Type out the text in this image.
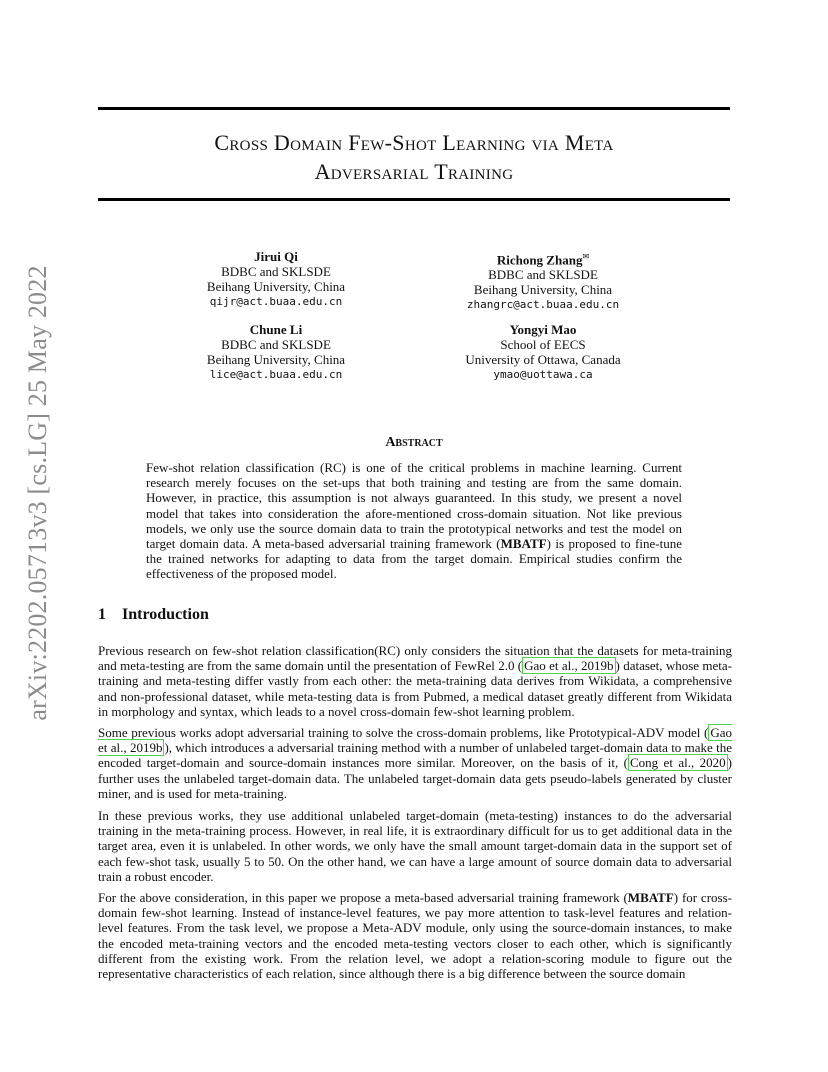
arXiv:2202.05713v3 [cs.LG] 25 May 2022
Cross Domain Few-Shot Learning via Meta
Adversarial Training
Jirui Qi
BDBC and SKLSDE
Beihang University, China
qijr@act.buaa.edu.cn
Richong Zhang✉
BDBC and SKLSDE
Beihang University, China
zhangrc@act.buaa.edu.cn
Chune Li
BDBC and SKLSDE
Beihang University, China
lice@act.buaa.edu.cn
Yongyi Mao
School of EECS
University of Ottawa, Canada
ymao@uottawa.ca
Abstract
Few-shot relation classification (RC) is one of the critical problems in machine learning. Current research merely focuses on the set-ups that both training and testing are from the same domain. However, in practice, this assumption is not always guaranteed. In this study, we present a novel model that takes into consideration the afore-mentioned cross-domain situation. Not like previous models, we only use the source domain data to train the prototypical networks and test the model on target domain data. A meta-based adversarial training framework (MBATF) is proposed to fine-tune the trained networks for adapting to data from the target domain. Empirical studies confirm the effectiveness of the proposed model.
1 Introduction

Previous research on few-shot relation classification(RC) only considers the situation that the datasets for meta-training and meta-testing are from the same domain until the presentation of FewRel 2.0 ( Gao et al., 2019b ) dataset, whose meta-training and meta-testing differ vastly from each other: the meta-training data derives from Wikidata, a comprehensive and non-professional dataset, while meta-testing data is from Pubmed, a medical dataset greatly different from Wikidata in morphology and syntax, which leads to a novel cross-domain few-shot learning problem.

Some previous works adopt adversarial training to solve the cross-domain problems, like Prototypical-ADV model ( Gao et al., 2019b ), which introduces a adversarial training method with a number of unlabeled target-domain data to make the encoded target-domain and source-domain instances more similar. Moreover, on the basis of it, ( Cong et al., 2020 ) further uses the unlabeled target-domain data. The unlabeled target-domain data gets pseudo-labels generated by cluster miner, and is used for meta-training.

In these previous works, they use additional unlabeled target-domain (meta-testing) instances to do the adversarial training in the meta-training process. However, in real life, it is extraordinary difficult for us to get additional data in the target area, even it is unlabeled. In other words, we only have the small amount target-domain data in the support set of each few-shot task, usually 5 to 50. On the other hand, we can have a large amount of source domain data to adversarial train a robust encoder.

For the above consideration, in this paper we propose a meta-based adversarial training framework (MBATF) for cross-domain few-shot learning. Instead of instance-level features, we pay more attention to task-level features and relation-level features. From the task level, we propose a Meta-ADV module, only using the source-domain instances, to make the encoded meta-training vectors and the encoded meta-testing vectors closer to each other, which is significantly different from the existing work. From the relation level, we adopt a relation-scoring module to figure out the representative characteristics of each relation, since although there is a big difference between the source domain
